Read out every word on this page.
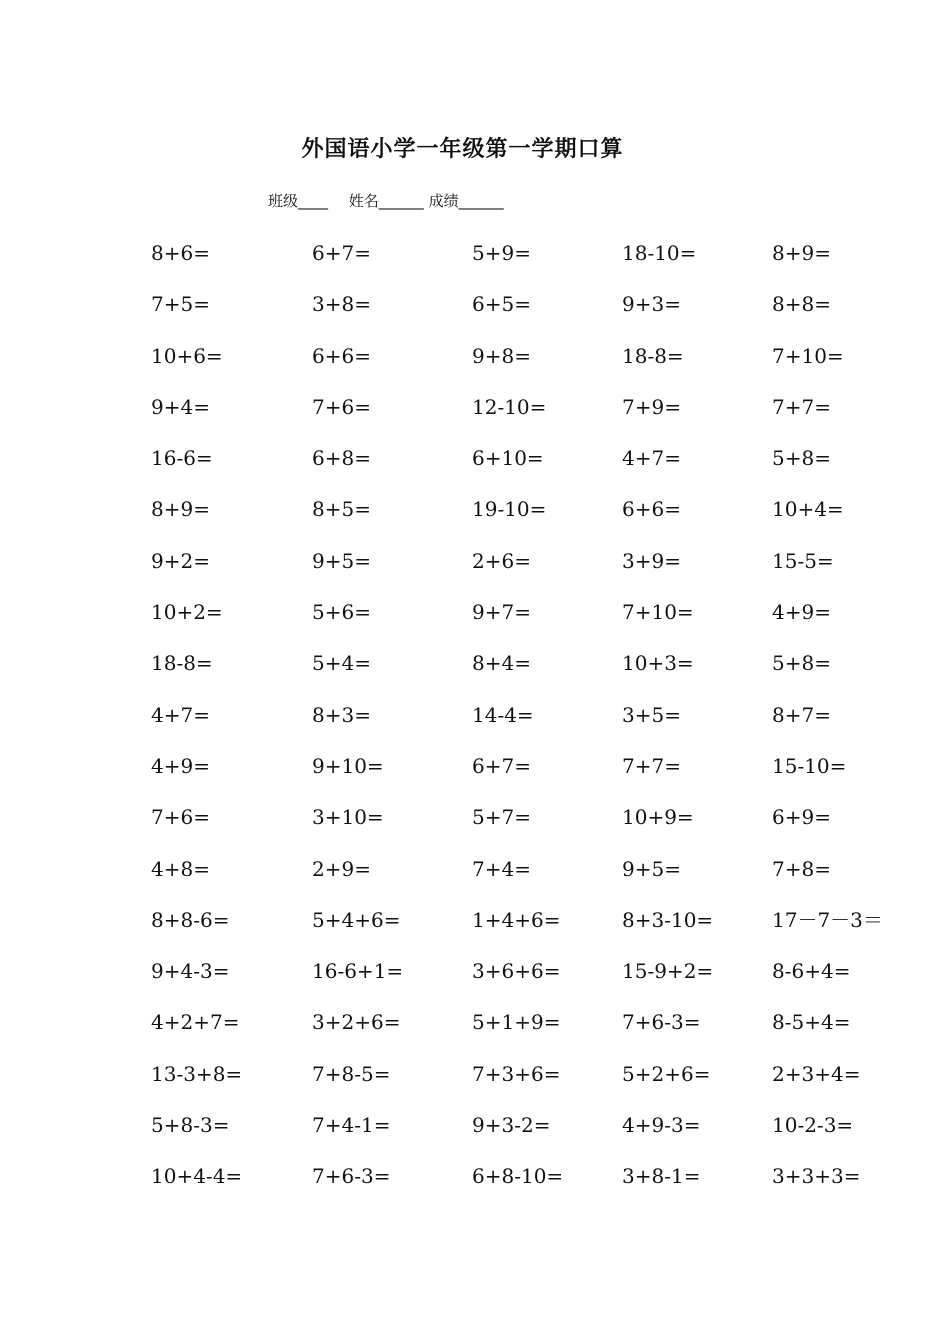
外国语小学一年级第一学期口算
班级____ 姓名______ 成绩______
8+6=	6+7=	5+9=	18-10=	8+9=
7+5=	3+8=	6+5=	9+3=	8+8=
10+6=	6+6=	9+8=	18-8=	7+10=
9+4=	7+6=	12-10=	7+9=	7+7=
16-6=	6+8=	6+10=	4+7=	5+8=
8+9=	8+5=	19-10=	6+6=	10+4=
9+2=	9+5=	2+6=	3+9=	15-5=
10+2=	5+6=	9+7=	7+10=	4+9=
18-8=	5+4=	8+4=	10+3=	5+8=
4+7=	8+3=	14-4=	3+5=	8+7=
4+9=	9+10=	6+7=	7+7=	15-10=
7+6=	3+10=	5+7=	10+9=	6+9=
4+8=	2+9=	7+4=	9+5=	7+8=
8+8-6=	5+4+6=	1+4+6=	8+3-10=	17－7－3＝
9+4-3=	16-6+1=	3+6+6=	15-9+2=	8-6+4=
4+2+7=	3+2+6=	5+1+9=	7+6-3=	8-5+4=
13-3+8=	7+8-5=	7+3+6=	5+2+6=	2+3+4=
5+8-3=	7+4-1=	9+3-2=	4+9-3=	10-2-3=
10+4-4=	7+6-3=	6+8-10=	3+8-1=	3+3+3=
